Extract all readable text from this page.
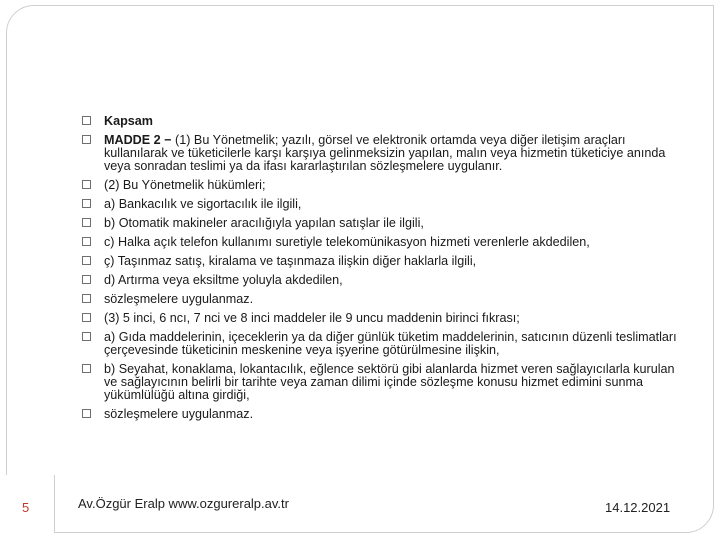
Kapsam
MADDE 2 − (1) Bu Yönetmelik; yazılı, görsel ve elektronik ortamda veya diğer iletişim araçları kullanılarak ve tüketicilerle karşı karşıya gelinmeksizin yapılan, malın veya hizmetin tüketiciye anında veya sonradan teslimi ya da ifası kararlaştırılan sözleşmelere uygulanır.
(2) Bu Yönetmelik hükümleri;
a) Bankacılık ve sigortacılık ile ilgili,
b) Otomatik makineler aracılığıyla yapılan satışlar ile ilgili,
c) Halka açık telefon kullanımı suretiyle telekomünikasyon hizmeti verenlerle akdedilen,
ç) Taşınmaz satış, kiralama ve taşınmaza ilişkin diğer haklarla ilgili,
d) Artırma veya eksiltme yoluyla akdedilen,
sözleşmelere uygulanmaz.
(3) 5 inci, 6 ncı, 7 nci ve 8 inci maddeler ile 9 uncu maddenin birinci fıkrası;
a) Gıda maddelerinin, içeceklerin ya da diğer günlük tüketim maddelerinin, satıcının düzenli teslimatları çerçevesinde tüketicinin meskenine veya işyerine götürülmesine ilişkin,
b) Seyahat, konaklama, lokantacılık, eğlence sektörü gibi alanlarda hizmet veren sağlayıcılarla kurulan ve sağlayıcının belirli bir tarihte veya zaman dilimi içinde sözleşme konusu hizmet edimini sunma yükümlülüğü altına girdiği,
sözleşmelere uygulanmaz.
5	Av.Özgür Eralp www.ozgureralp.av.tr	14.12.2021
